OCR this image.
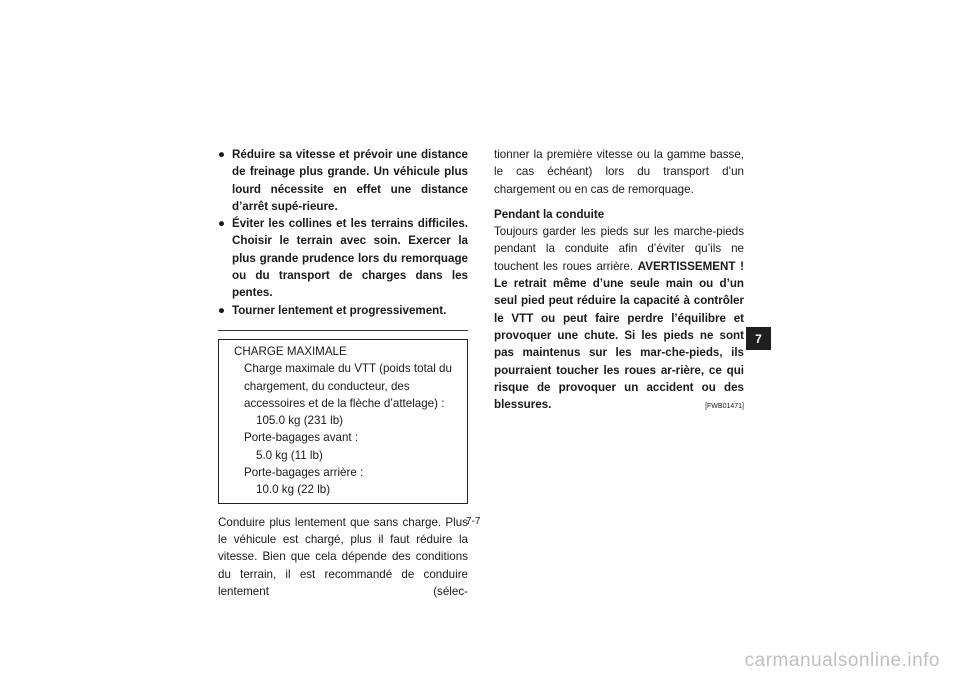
● Réduire sa vitesse et prévoir une distance de freinage plus grande. Un véhicule plus lourd nécessite en effet une distance d’arrêt supé-rieure.
● Éviter les collines et les terrains difficiles. Choisir le terrain avec soin. Exercer la plus grande prudence lors du remorquage ou du transport de charges dans les pentes.
● Tourner lentement et progressivement.
CHARGE MAXIMALE
Charge maximale du VTT (poids total du chargement, du conducteur, des accessoires et de la flèche d’attelage) :
105.0 kg (231 lb)
Porte-bagages avant :
5.0 kg (11 lb)
Porte-bagages arrière :
10.0 kg (22 lb)
Conduire plus lentement que sans charge. Plus le véhicule est chargé, plus il faut réduire la vitesse. Bien que cela dépende des conditions du terrain, il est recommandé de conduire lentement (sélec-
tionner la première vitesse ou la gamme basse, le cas échéant) lors du transport d’un chargement ou en cas de remorquage.
Pendant la conduite
Toujours garder les pieds sur les marche-pieds pendant la conduite afin d’éviter qu’ils ne touchent les roues arrière. AVERTISSEMENT ! Le retrait même d’une seule main ou d’un seul pied peut réduire la capacité à contrôler le VTT ou peut faire perdre l’équilibre et provoquer une chute. Si les pieds ne sont pas maintenus sur les mar-che-pieds, ils pourraient toucher les roues ar-rière, ce qui risque de provoquer un accident ou des blessures.	[FWB01471]
7
7-7
carmanualsonline.info
